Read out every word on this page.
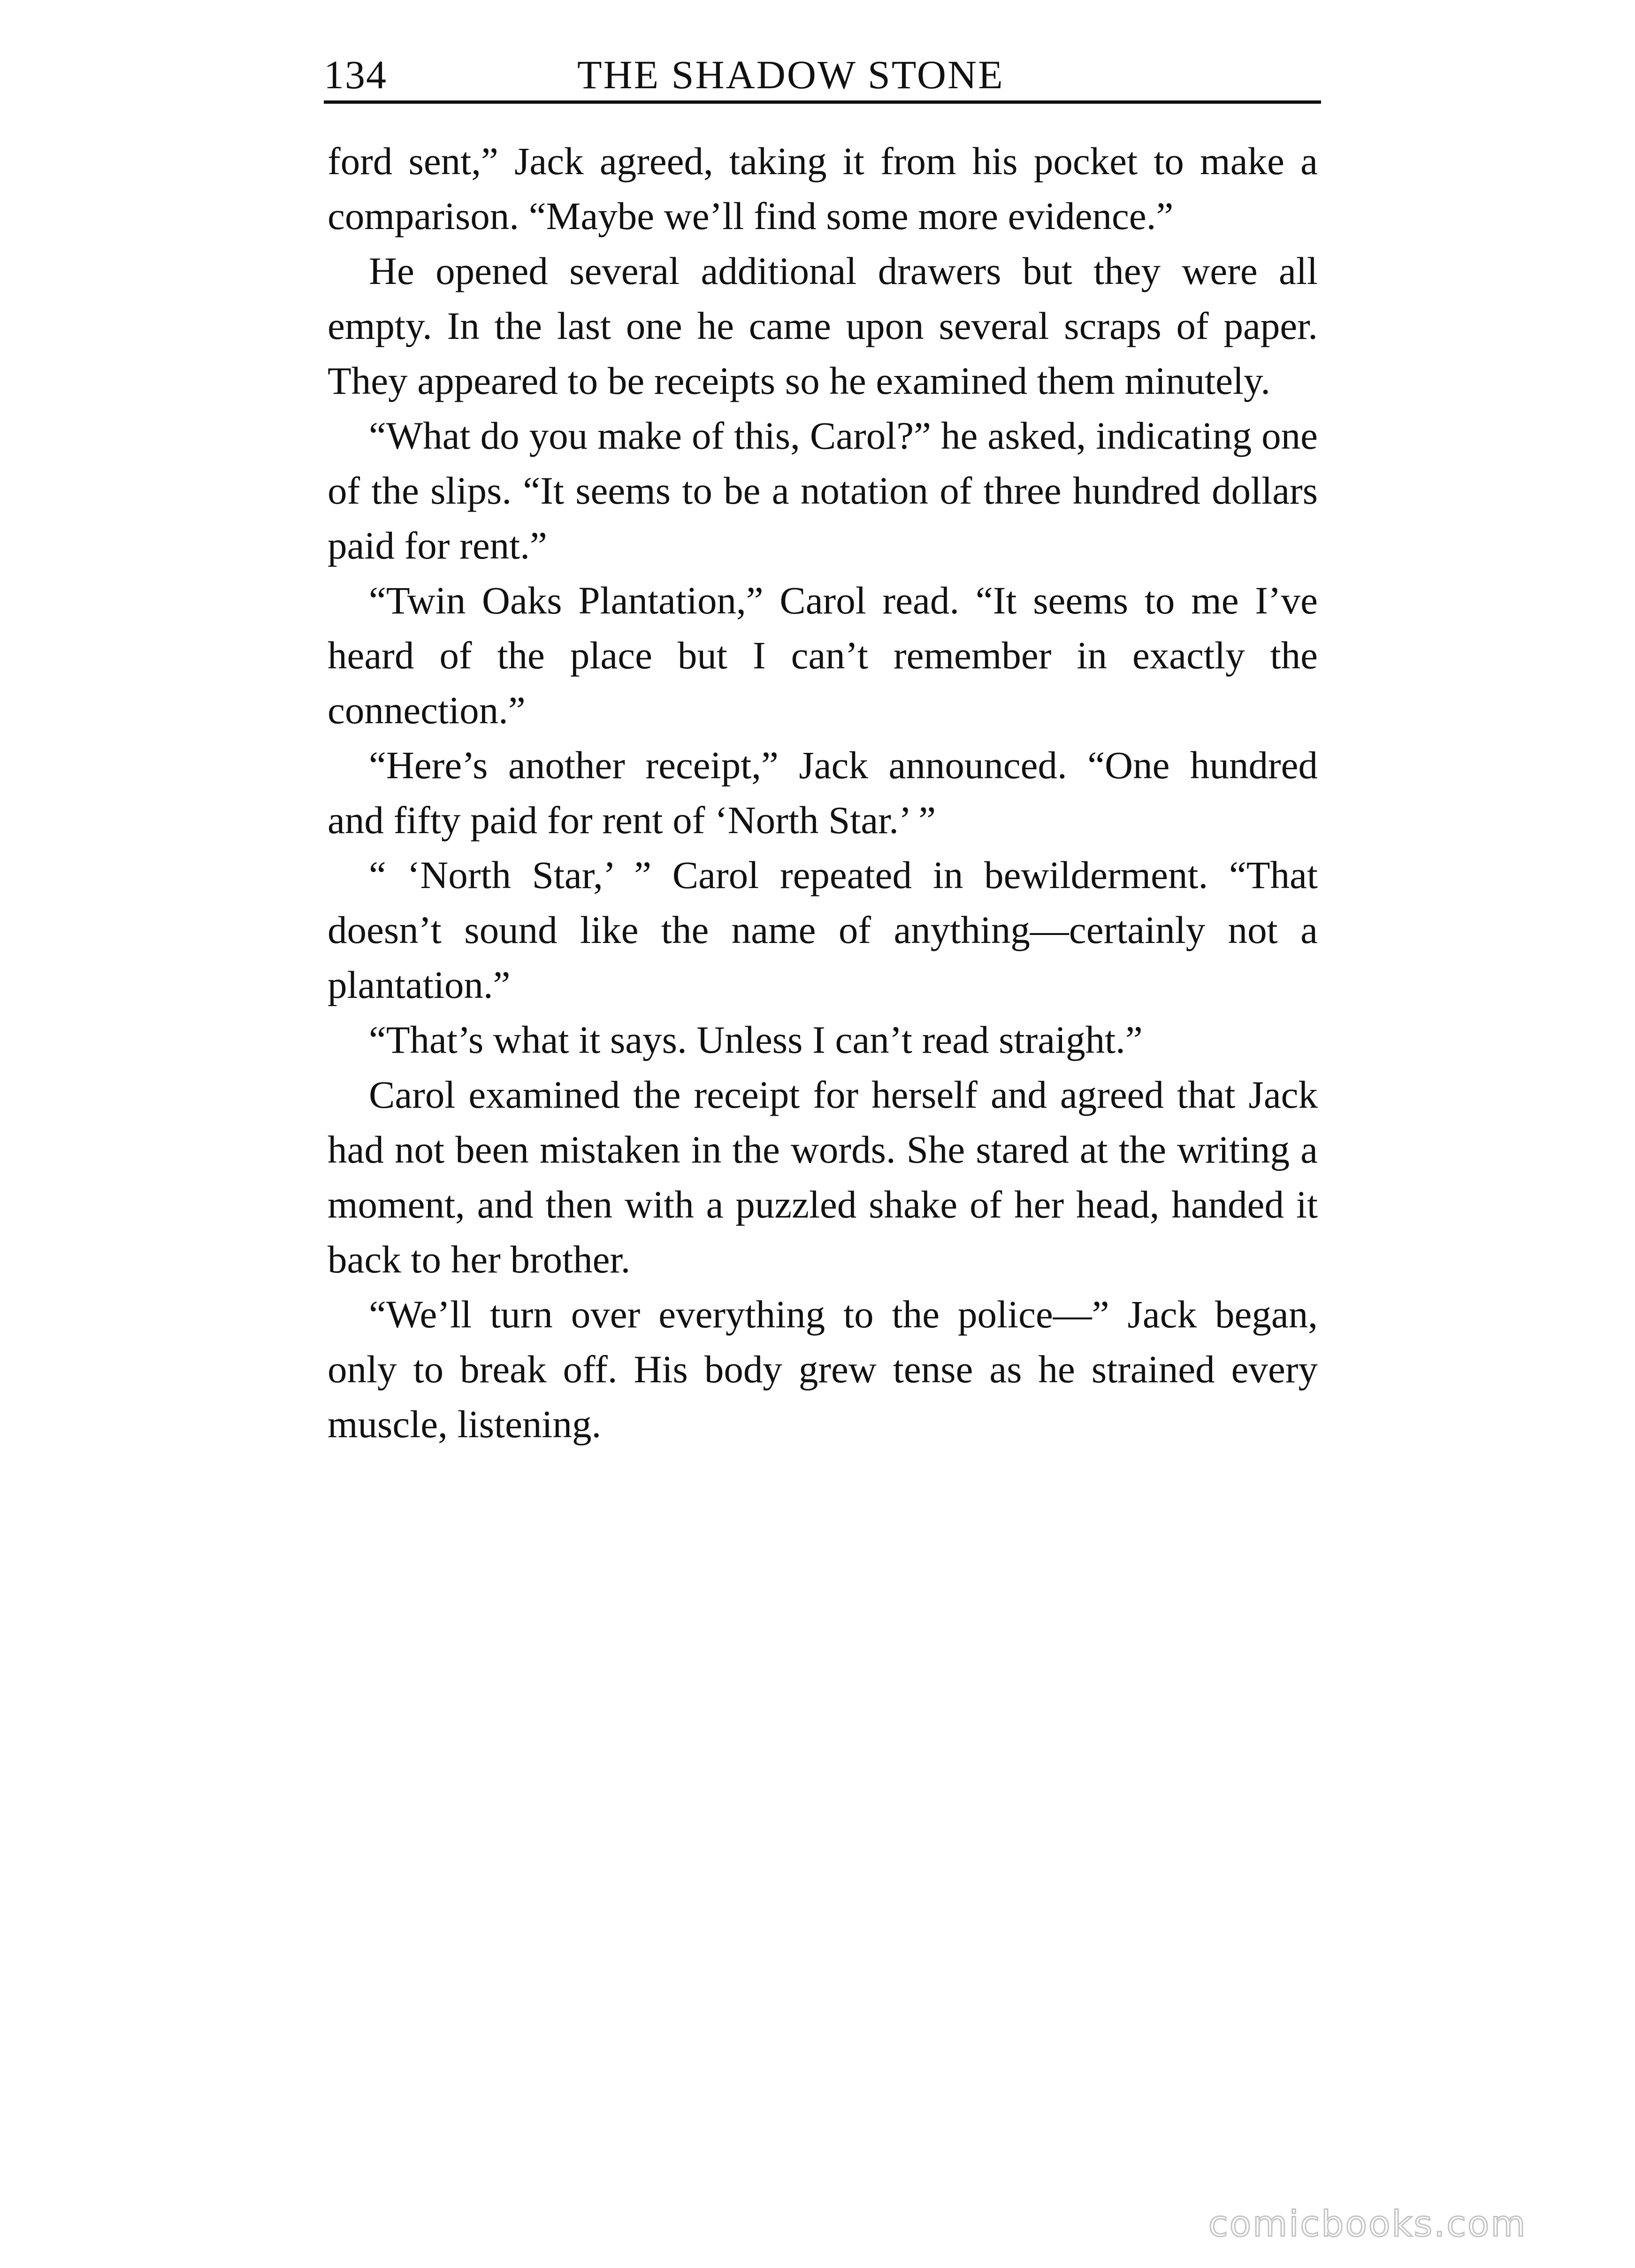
134	THE SHADOW STONE

ford sent,” Jack agreed, taking it from his pocket to make a comparison. “Maybe we’ll find some more evidence.”

He opened several additional drawers but they were all empty. In the last one he came upon several scraps of paper. They appeared to be receipts so he examined them minutely.

“What do you make of this, Carol?” he asked, indicating one of the slips. “It seems to be a notation of three hundred dollars paid for rent.”

“Twin Oaks Plantation,” Carol read. “It seems to me I’ve heard of the place but I can’t remember in exactly the connection.”

“Here’s another receipt,” Jack announced. “One hundred and fifty paid for rent of ‘North Star.’ ”

“ ‘North Star,’ ” Carol repeated in bewilderment. “That doesn’t sound like the name of anything—certainly not a plantation.”

“That’s what it says. Unless I can’t read straight.”

Carol examined the receipt for herself and agreed that Jack had not been mistaken in the words. She stared at the writing a moment, and then with a puzzled shake of her head, handed it back to her brother.

“We’ll turn over everything to the police—” Jack began, only to break off. His body grew tense as he strained every muscle, listening.

comicbooks.com
